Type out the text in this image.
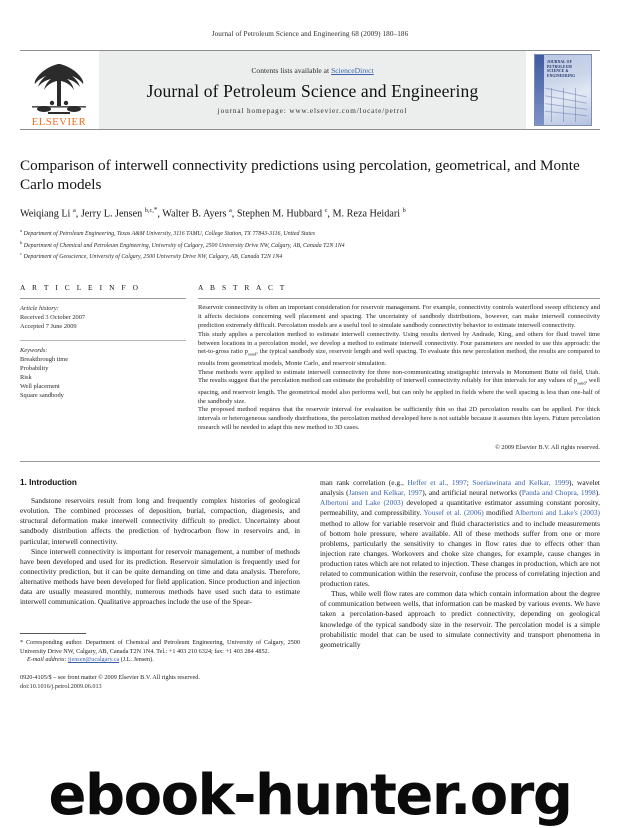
Journal of Petroleum Science and Engineering 68 (2009) 180–186
ELSEVIER
Contents lists available at ScienceDirect
Journal of Petroleum Science and Engineering
journal homepage: www.elsevier.com/locate/petrol
JOURNAL OF PETROLEUM SCIENCE & ENGINEERING
Comparison of interwell connectivity predictions using percolation, geometrical, and Monte Carlo models
Weiqiang Li $^a$, Jerry L. Jensen $^{b,c,*}$, Walter B. Ayers $^a$, Stephen M. Hubbard $^c$, M. Reza Heidari $^b$
$^a$ Department of Petroleum Engineering, Texas A&M University, 3116 TAMU, College Station, TX 77843-3116, United States
$^b$ Department of Chemical and Petroleum Engineering, University of Calgary, 2500 University Drive NW, Calgary, AB, Canada T2N 1N4
$^c$ Department of Geoscience, University of Calgary, 2500 University Drive NW, Calgary, AB, Canada T2N 1N4
A R T I C L E I N F O
Article history:
Received 3 October 2007
Accepted 7 June 2009
Keywords:
Breakthrough time
Probability
Risk
Well placement
Square sandbody
A B S T R A C T

Reservoir connectivity is often an important consideration for reservoir management. For example, connectivity controls waterflood sweep efficiency and it affects decisions concerning well placement and spacing. The uncertainty of sandbody distributions, however, can make interwell connectivity prediction extremely difficult. Percolation models are a useful tool to simulate sandbody connectivity behavior to estimate interwell connectivity.

This study applies a percolation method to estimate interwell connectivity. Using results derived by Andrade, King, and others for fluid travel time between locations in a percolation model, we develop a method to estimate interwell connectivity. Four parameters are needed to use this approach: the net-to-gross ratio $p_{sand}$, the typical sandbody size, reservoir length and well spacing. To evaluate this new percolation method, the results are compared to results from geometrical models, Monte Carlo, and reservoir simulation.

These methods were applied to estimate interwell connectivity for three non-communicating stratigraphic intervals in Monument Butte oil field, Utah. The results suggest that the percolation method can estimate the probability of interwell connectivity reliably for thin intervals for any values of $p_{sand}$, well spacing, and reservoir length. The geometrical model also performs well, but can only be applied in fields where the well spacing is less than one-half of the sandbody size.

The proposed method requires that the reservoir interval for evaluation be sufficiently thin so that 2D percolation results can be applied. For thick intervals or heterogeneous sandbody distributions, the percolation method developed here is not suitable because it assumes thin layers. Future percolation research will be needed to adapt this new method to 3D cases.

© 2009 Elsevier B.V. All rights reserved.
1. Introduction

Sandstone reservoirs result from long and frequently complex histories of geological evolution. The combined processes of deposition, burial, compaction, diagenesis, and structural deformation make interwell connectivity difficult to predict. Uncertainty about sandbody distribution affects the prediction of hydrocarbon flow in reservoirs and, in particular, interwell connectivity.

Since interwell connectivity is important for reservoir management, a number of methods have been developed and used for its prediction. Reservoir simulation is frequently used for connectivity prediction, but it can be quite demanding on time and data analysis. Therefore, alternative methods have been developed for field application. Since production and injection data are usually measured monthly, numerous methods have used such data to estimate interwell communication. Qualitative approaches include the use of the Spear-

* Corresponding author. Department of Chemical and Petroleum Engineering, University of Calgary, 2500 University Drive NW, Calgary, AB, Canada T2N 1N4. Tel.: +1 403 210 6324; fax: +1 403 284 4852.
E-mail address: jjensen@ucalgary.ca (J.L. Jensen).
0920-4105/$ – see front matter © 2009 Elsevier B.V. All rights reserved.
doi:10.1016/j.petrol.2009.06.013

man rank correlation (e.g., Heffer et al., 1997; Soeriawinata and Kelkar, 1999), wavelet analysis (Jansen and Kelkar, 1997), and artificial neural networks (Panda and Chopra, 1998). Albertoni and Lake (2003) developed a quantitative estimator assuming constant porosity, permeability, and compressibility. Yousef et al. (2006) modified Albertoni and Lake's (2003) method to allow for variable reservoir and fluid characteristics and to include measurements of bottom hole pressure, where available. All of these methods suffer from one or more problems, particularly the sensitivity to changes in flow rates due to effects other than injection rate changes. Workovers and choke size changes, for example, cause changes in production rates which are not related to injection. These changes in production, which are not related to communication within the reservoir, confuse the process of correlating injection and production rates.

Thus, while well flow rates are common data which contain information about the degree of communication between wells, that information can be masked by various events. We have taken a percolation-based approach to predict connectivity, depending on geological knowledge of the typical sandbody size in the reservoir. The percolation model is a simple probabilistic model that can be used to simulate connectivity and transport phenomena in geometrically

ebook-hunter.org
